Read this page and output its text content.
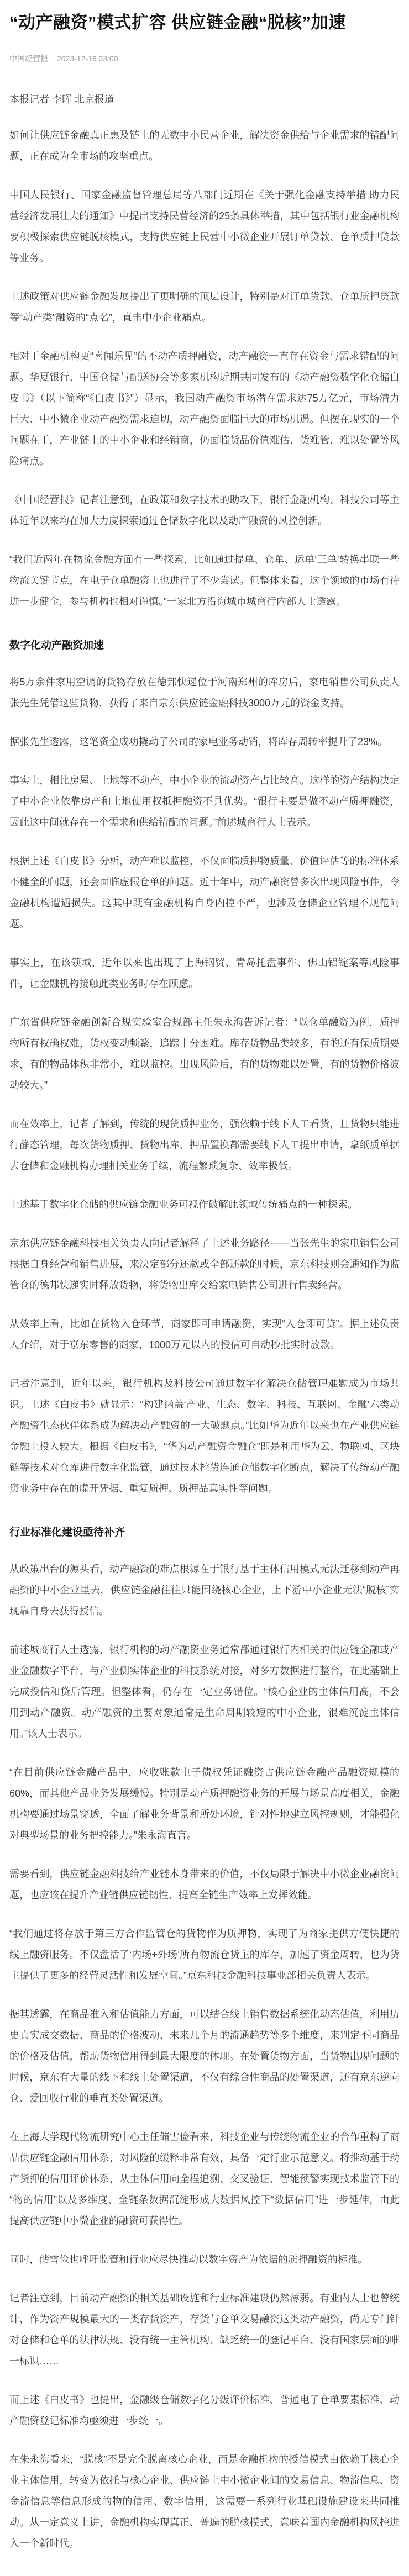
“动产融资”模式扩容 供应链金融“脱核”加速
中国经营报 2023-12-16 03:00

本报记者 李晖 北京报道

如何让供应链金融真正惠及链上的无数中小民营企业，解决资金供给与企业需求的错配问题，正在成为全市场的攻坚重点。

中国人民银行、国家金融监督管理总局等八部门近期在《关于强化金融支持举措 助力民营经济发展壮大的通知》中提出支持民营经济的25条具体举措，其中包括银行业金融机构要积极探索供应链脱核模式，支持供应链上民营中小微企业开展订单贷款、仓单质押贷款等业务。

上述政策对供应链金融发展提出了更明确的顶层设计，特别是对订单货款、仓单质押贷款等“动产类”融资的“点名”，直击中小企业痛点。

相对于金融机构更“喜闻乐见”的不动产质押融资，动产融资一直存在资金与需求错配的问题。华夏银行、中国仓储与配送协会等多家机构近期共同发布的《动产融资数字化仓储白皮书》（以下简称“《白皮书》”）显示，我国动产融资市场潜在需求达75万亿元，市场潜力巨大、中小微企业动产融资需求迫切，动产融资面临巨大的市场机遇。但摆在现实的一个问题在于，产业链上的中小企业和经销商，仍面临货品价值难估、货难管、难以处置等风险痛点。

《中国经营报》记者注意到，在政策和数字技术的助攻下，银行金融机构、科技公司等主体近年以来均在加大力度探索通过仓储数字化以及动产融资的风控创新。

“我们近两年在物流金融方面有一些探索，比如通过提单、仓单、运单‘三单’转换串联一些物流关键节点，在电子仓单融资上也进行了不少尝试。但整体来看，这个领域的市场有待进一步健全，参与机构也相对谨慎。”一家北方沿海城市城商行内部人士透露。

数字化动产融资加速

将5万余件家用空调的货物存放在德邦快递位于河南郑州的库房后，家电销售公司负责人张先生凭借这些货物，获得了来自京东供应链金融科技3000万元的资金支持。

据张先生透露，这笔资金成功撬动了公司的家电业务动销，将库存周转率提升了23%。

事实上，相比房屋、土地等不动产，中小企业的流动资产占比较高。这样的资产结构决定了中小企业依靠房产和土地使用权抵押融资不具优势。“银行主要是做不动产质押融资，因此这中间就存在一个需求和供给错配的问题。”前述城商行人士表示。

根据上述《白皮书》分析，动产难以监控，不仅面临质押物质量、价值评估等的标准体系不健全的问题，还会面临虚假仓单的问题。近十年中，动产融资曾多次出现风险事件，令金融机构遭遇损失。这其中既有金融机构自身内控不严，也涉及仓储企业管理不规范问题。

事实上，在该领域，近年以来也出现了上海钢贸、青岛托盘事件、佛山铝锭案等风险事件，让金融机构接触此类业务时存在顾虑。

广东省供应链金融创新合规实验室合规部主任朱永海告诉记者：“以仓单融资为例，质押物所有权确权难，货权变动频繁，追踪十分困难。库存货物品类较多，有的还有保质期要求，有的物品体积非常小，难以监控。出现风险后，有的货物难以处置，有的货物价格波动较大。”

而在效率上，记者了解到，传统的现货质押业务，强依赖于线下人工看货，且货物只能进行静态管理，每次货物质押、货物出库、押品置换都需要线下人工提出申请，拿纸质单据去仓储和金融机构办理相关业务手续，流程繁琐复杂、效率极低。

上述基于数字化仓储的供应链金融业务可视作破解此领域传统痛点的一种探索。

京东供应链金融科技相关负责人向记者解释了上述业务路径——当张先生的家电销售公司根据自身经营和销售进展，来决定部分还款或全部还款的时候，京东科技则会通知作为监管仓的德邦快递实时释放货物，将货物出库交给家电销售公司进行售卖经营。

从效率上看，比如在货物入仓环节，商家即可申请融资，实现“入仓即可贷”。据上述负责人介绍，对于京东零售的商家，1000万元以内的授信可自动秒批实时放款。

记者注意到，近年以来，银行机构及科技公司通过数字化解决仓储管理难题成为市场共识。上述《白皮书》就显示：“构建涵盖‘产业、生态、数字、科技、互联网、金融’六类动产融资生态伙伴体系成为解决动产融资的一大破题点。”比如华为近年以来也在产业供应链金融上投入较大。根据《白皮书》，“华为动产融资金融仓”即是利用华为云、物联网、区块链等技术对仓库进行数字化监管，通过技术控货连通仓储数字化断点，解决了传统动产融资业务中存在的虚开凭据、重复质押、质押品真实性等问题。

行业标准化建设亟待补齐

从政策出台的源头看，动产融资的难点根源在于银行基于主体信用模式无法迁移到动产再融资的中小企业里去，供应链金融往往只能围绕核心企业，上下游中小企业无法“脱核”实现靠自身去获得授信。

前述城商行人士透露，银行机构的动产融资业务通常都通过银行内相关的供应链金融或产业金融数字平台，与产业侧实体企业的科技系统对接，对多方数据进行整合，在此基础上完成授信和贷后管理。但整体看，仍存在一定业务错位。“核心企业的主体信用高，不会用到动产融资。动产融资的主要对象通常是生命周期较短的中小企业，很难沉淀主体信用。”该人士表示。

“在目前供应链金融产品中，应收账款电子债权凭证融资占供应链金融产品融资规模的60%，而其他产品业务发展缓慢。特别是动产质押融资业务的开展与场景高度相关，金融机构要通过场景穿透，全面了解业务背景和所处环境，针对性地建立风控规则，才能强化对典型场景的业务把控能力。”朱永海直言。

需要看到，供应链金融科技给产业链本身带来的价值，不仅局限于解决中小微企业融资问题，也应该在提升产业链供应链韧性、提高全链生产效率上发挥效能。

“我们通过将存放于第三方合作监管仓的货物作为质押物，实现了为商家提供方便快捷的线上融资服务。不仅盘活了‘内场+外场’所有物流仓货主的库存，加速了资金周转，也为货主提供了更多的经营灵活性和发展空间。”京东科技金融科技事业部相关负责人表示。

据其透露，在商品准入和估值能力方面，可以结合线上销售数据系统化动态估值，利用历史真实成交数据、商品的价格波动、未来几个月的流通趋势等多个维度，来判定不同商品的价格及估值，帮助货物信用得到最大限度的体现。在处置货物方面，当货物出现问题的时候，京东有大量的线下和线上处置渠道，不仅有综合性商品的处置渠道，还有京东逆向仓、爱回收行业的垂直类处置渠道。

在上海大学现代物流研究中心主任储雪俭看来，科技企业与传统物流企业的合作重构了商品供应链金融信用体系，对风险的缓释非常有效，具备一定行业示范意义。将推动基于动产货押的信用评价体系，从主体信用向全程追溯、交叉验证、智能预警实现技术监管下的“物的信用”以及多维度、全链条数据沉淀形成大数据风控下“数据信用”进一步延伸，由此提高供应链中小微企业的融资可获得性。

同时，储雪俭也呼吁监管和行业应尽快推动以数字资产为依据的质押融资的标准。

记者注意到，目前动产融资的相关基础设施和行业标准建设仍然薄弱。有业内人士也曾统计，作为资产规模最大的一类存货资产，存货与仓单交易融资这类动产融资，尚无专门针对仓储和仓单的法律法规、没有统一主管机构、缺乏统一的登记平台、没有国家层面的唯一标识……

而上述《白皮书》也提出，金融级仓储数字化分级评价标准、普通电子仓单要素标准、动产融资登记标准均亟须进一步统一。

在朱永海看来，“脱核”不是完全脱离核心企业，而是金融机构的授信模式由依赖于核心企业主体信用，转变为依托与核心企业、供应链上中小微企业间的交易信息、物流信息、资金流信息等信息形成的物的信用、数字信用，这需要一系列行业基础设施建设来共同推动。从一定意义上讲，金融机构实现真正、普遍的脱核模式，意味着国内金融机构风控进入一个新时代。
